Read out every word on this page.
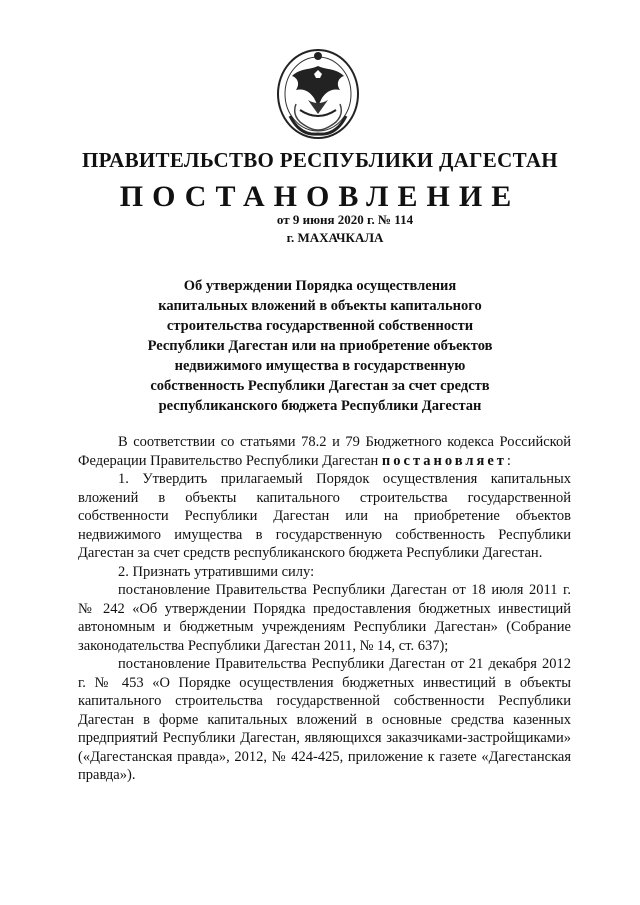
ПРАВИТЕЛЬСТВО РЕСПУБЛИКИ ДАГЕСТАН
ПОСТАНОВЛЕНИЕ
от 9 июня 2020 г. № 114
г. МАХАЧКАЛА
Об утверждении Порядка осуществления
капитальных вложений в объекты капитального
строительства государственной собственности
Республики Дагестан или на приобретение объектов
недвижимого имущества в государственную
собственность Республики Дагестан за счет средств
республиканского бюджета Республики Дагестан

В соответствии со статьями 78.2 и 79 Бюджетного кодекса Российской Федерации Правительство Республики Дагестан постановляет:

1. Утвердить прилагаемый Порядок осуществления капитальных вложений в объекты капитального строительства государственной собственности Республики Дагестан или на приобретение объектов недвижимого имущества в государственную собственность Республики Дагестан за счет средств республиканского бюджета Республики Дагестан.

2. Признать утратившими силу:

постановление Правительства Республики Дагестан от 18 июля 2011 г. № 242 «Об утверждении Порядка предоставления бюджетных инвестиций автономным и бюджетным учреждениям Республики Дагестан» (Собрание законодательства Республики Дагестан 2011, № 14, ст. 637);

постановление Правительства Республики Дагестан от 21 декабря 2012 г. № 453 «О Порядке осуществления бюджетных инвестиций в объекты капитального строительства государственной собственности Республики Дагестан в форме капитальных вложений в основные средства казенных предприятий Республики Дагестан, являющихся заказчиками-застройщиками» («Дагестанская правда», 2012, № 424-425, приложение к газете «Дагестанская правда»).
